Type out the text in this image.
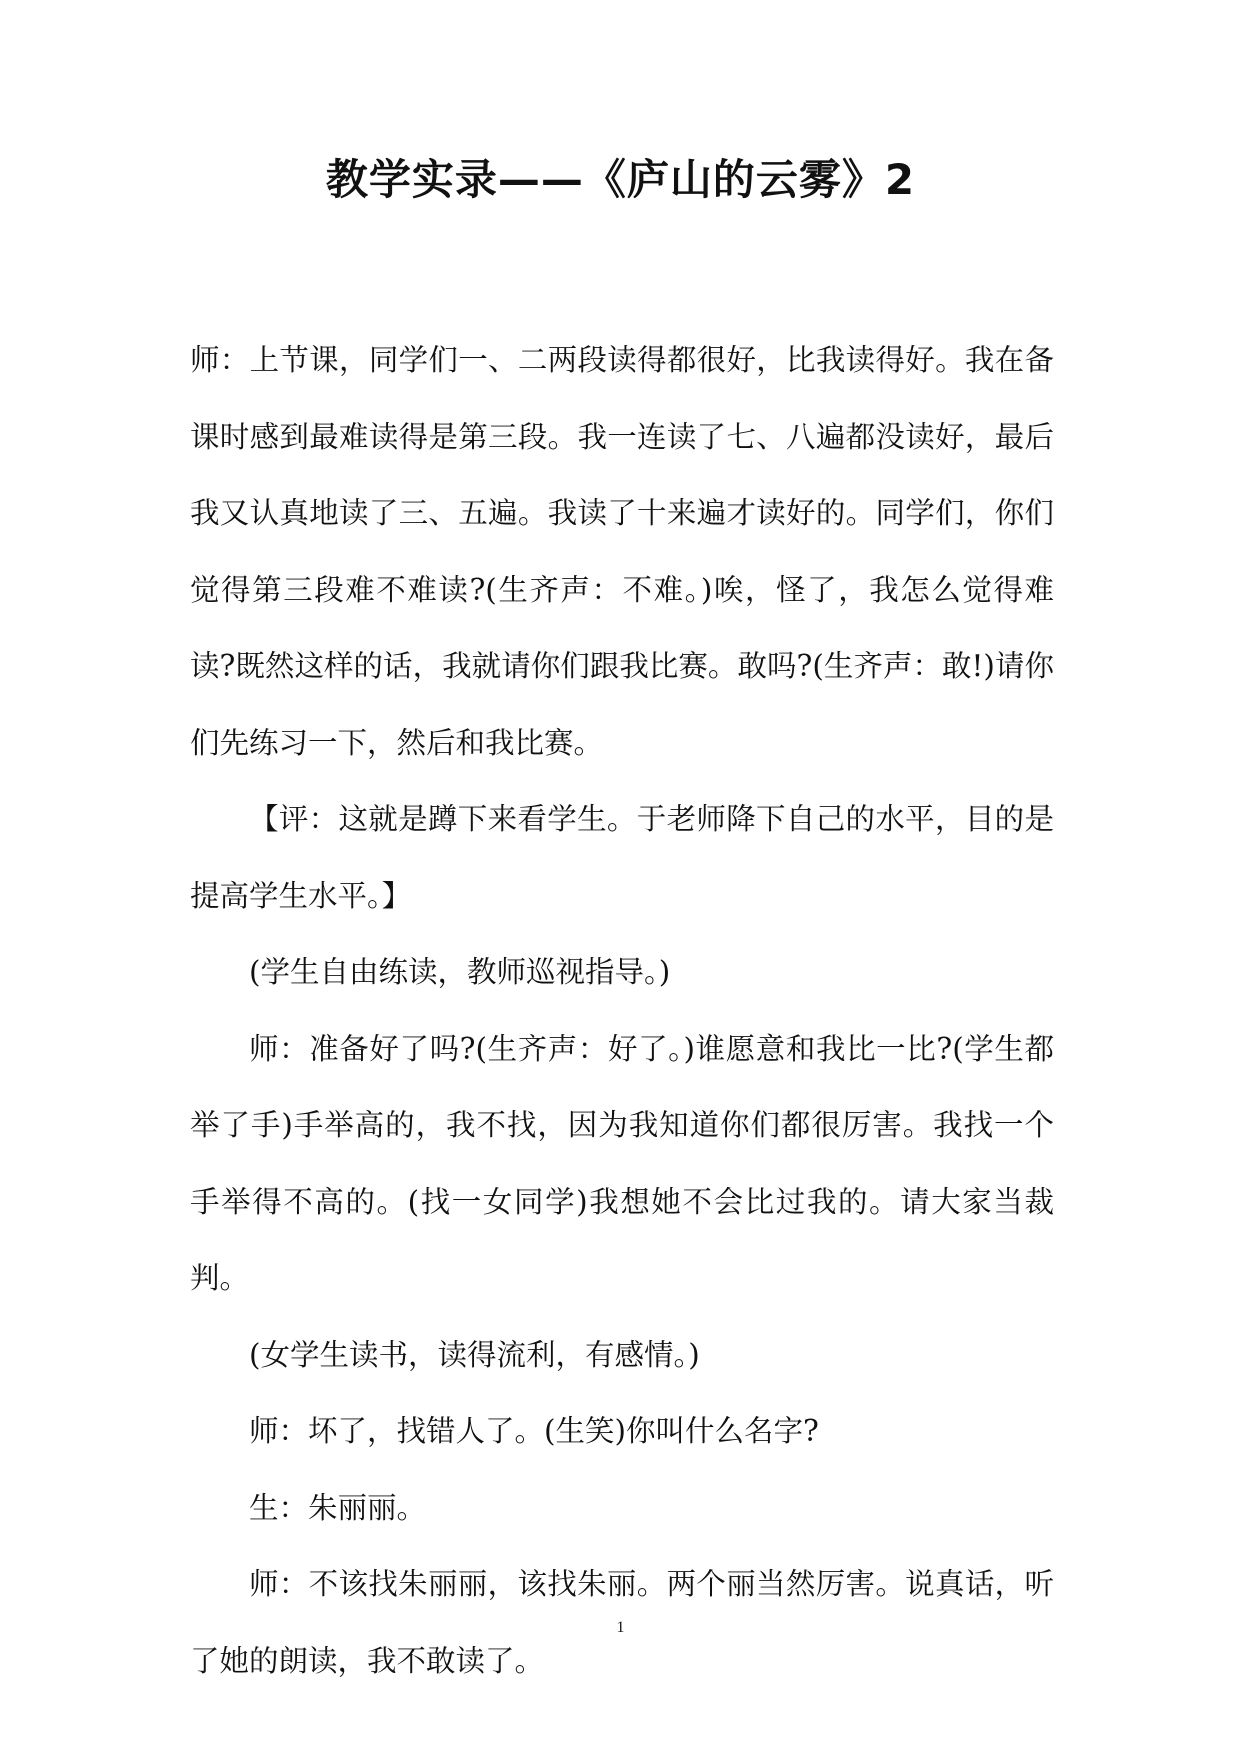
教学实录——《庐山的云雾》2

师：上节课，同学们一、二两段读得都很好，比我读得好。我在备课时感到最难读得是第三段。我一连读了七、八遍都没读好，最后我又认真地读了三、五遍。我读了十来遍才读好的。同学们，你们觉得第三段难不难读?(生齐声：不难。)唉，怪了，我怎么觉得难读?既然这样的话，我就请你们跟我比赛。敢吗?(生齐声：敢!)请你们先练习一下，然后和我比赛。

【评：这就是蹲下来看学生。于老师降下自己的水平，目的是提高学生水平。】

(学生自由练读，教师巡视指导。)

师：准备好了吗?(生齐声：好了。)谁愿意和我比一比?(学生都举了手)手举高的，我不找，因为我知道你们都很厉害。我找一个手举得不高的。(找一女同学)我想她不会比过我的。请大家当裁判。

(女学生读书，读得流利，有感情。)

师：坏了，找错人了。(生笑)你叫什么名字?

生：朱丽丽。

师：不该找朱丽丽，该找朱丽。两个丽当然厉害。说真话，听了她的朗读，我不敢读了。

1
